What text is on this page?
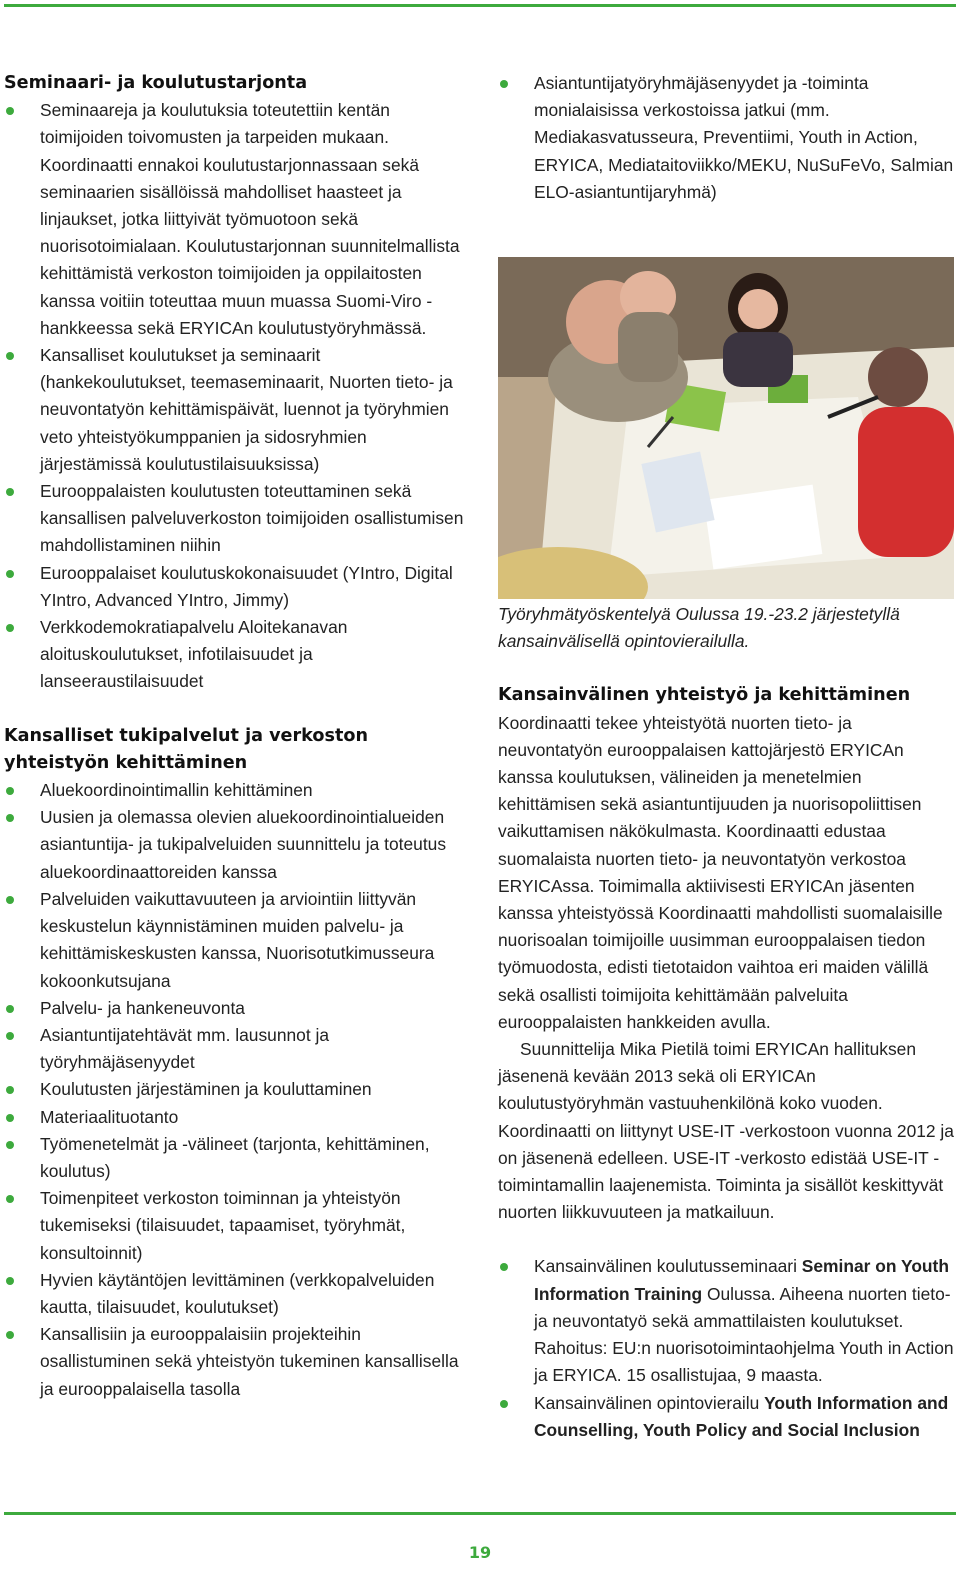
Seminaari- ja koulutustarjonta
Seminaareja ja koulutuksia toteutettiin kentän toimijoiden toivomusten ja tarpeiden mukaan. Koordinaatti ennakoi koulutustarjonnassaan sekä seminaarien sisällöissä mahdolliset haasteet ja linjaukset, jotka liittyivät työmuotoon sekä nuorisotoimialaan. Koulutustarjonnan suunnitelmallista kehittämistä verkoston toimijoiden ja oppilaitosten kanssa voitiin toteuttaa muun muassa Suomi-Viro -hankkeessa sekä ERYICAn koulutustyöryhmässä.
Kansalliset koulutukset ja seminaarit (hankekoulutukset, teemaseminaarit, Nuorten tieto- ja neuvontatyön kehittämispäivät, luennot ja työryhmien veto yhteistyökumppanien ja sidosryhmien järjestämissä koulutustilaisuuksissa)
Eurooppalaisten koulutusten toteuttaminen sekä kansallisen palveluverkoston toimijoiden osallistumisen mahdollistaminen niihin
Eurooppalaiset koulutuskokonaisuudet (YIntro, Digital YIntro, Advanced YIntro, Jimmy)
Verkkodemokratiapalvelu Aloitekanavan aloituskoulutukset, infotilaisuudet ja lanseeraustilaisuudet
Kansalliset tukipalvelut ja verkoston yhteistyön kehittäminen
Aluekoordinointimallin kehittäminen
Uusien ja olemassa olevien aluekoordinointialueiden asiantuntija- ja tukipalveluiden suunnittelu ja toteutus aluekoordinaattoreiden kanssa
Palveluiden vaikuttavuuteen ja arviointiin liittyvän keskustelun käynnistäminen muiden palvelu- ja kehittämiskeskusten kanssa, Nuorisotutkimusseura kokoonkutsujana
Palvelu- ja hankeneuvonta
Asiantuntijatehtävät mm. lausunnot ja työryhmäjäsenyydet
Koulutusten järjestäminen ja kouluttaminen
Materiaalituotanto
Työmenetelmät ja -välineet (tarjonta, kehittäminen, koulutus)
Toimenpiteet verkoston toiminnan ja yhteistyön tukemiseksi (tilaisuudet, tapaamiset, työryhmät, konsultoinnit)
Hyvien käytäntöjen levittäminen (verkkopalveluiden kautta, tilaisuudet, koulutukset)
Kansallisiin ja eurooppalaisiin projekteihin osallistuminen sekä yhteistyön tukeminen kansallisella ja eurooppalaisella tasolla
Asiantuntijatyöryhmäjäsenyydet ja -toiminta monialaisissa verkostoissa jatkui (mm. Mediakasvatusseura, Preventiimi, Youth in Action, ERYICA, Mediataitoviikko/MEKU, NuSuFeVo, Salmian ELO-asiantuntijaryhmä)

Työryhmätyöskentelyä Oulussa 19.-23.2 järjestetyllä kansainvälisellä opintovierailulla.

Kansainvälinen yhteistyö ja kehittäminen

Koordinaatti tekee yhteistyötä nuorten tieto- ja neuvontatyön eurooppalaisen kattojärjestö ERYICAn kanssa koulutuksen, välineiden ja menetelmien kehittämisen sekä asiantuntijuuden ja nuorisopoliittisen vaikuttamisen näkökulmasta. Koordinaatti edustaa suomalaista nuorten tieto- ja neuvontatyön verkostoa ERYICAssa. Toimimalla aktiivisesti ERYICAn jäsenten kanssa yhteistyössä Koordinaatti mahdollisti suomalaisille nuorisoalan toimijoille uusimman eurooppalaisen tiedon työmuodosta, edisti tietotaidon vaihtoa eri maiden välillä sekä osallisti toimijoita kehittämään palveluita eurooppalaisten hankkeiden avulla.

Suunnittelija Mika Pietilä toimi ERYICAn hallituksen jäsenenä kevään 2013 sekä oli ERYICAn koulutustyöryhmän vastuuhenkilönä koko vuoden. Koordinaatti on liittynyt USE-IT -verkostoon vuonna 2012 ja on jäsenenä edelleen. USE-IT -verkosto edistää USE-IT -toimintamallin laajenemista. Toiminta ja sisällöt keskittyvät nuorten liikkuvuuteen ja matkailuun.

Kansainvälinen koulutusseminaari Seminar on Youth Information Training Oulussa. Aiheena nuorten tieto- ja neuvontatyö sekä ammattilaisten koulutukset. Rahoitus: EU:n nuorisotoimintaohjelma Youth in Action ja ERYICA. 15 osallistujaa, 9 maasta.
Kansainvälinen opintovierailu Youth Information and Counselling, Youth Policy and Social Inclusion
19
